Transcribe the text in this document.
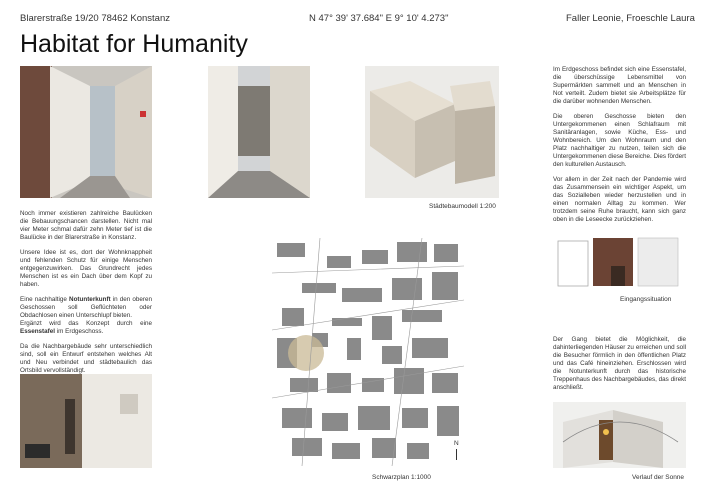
Blarerstraße 19/20 78462 Konstanz	N 47° 39' 37.684" E 9° 10' 4.273"	Faller Leonie, Froeschle Laura
Habitat for Humanity
Städtebaumodell 1:200

Noch immer existieren zahlreiche Baulücken die Bebauungschancen darstellen. Nicht mal vier Meter schmal dafür zehn Meter tief ist die Baulücke in der Blarerstraße in Konstanz.

Unsere Idee ist es, dort der Wohnknappheit und fehlenden Schutz für einige Menschen entgegenzuwirken. Das Grundrecht jedes Menschen ist es ein Dach über dem Kopf zu haben.

Eine nachhaltige Notunterkunft in den oberen Geschossen soll Geflüchteten oder Obdachlosen einen Unterschlupf bieten.

Ergänzt wird das Konzept durch eine Essenstafel im Erdgeschoss.

Da die Nachbargebäude sehr unterschiedlich sind, soll ein Entwurf entstehen welches Alt und Neu verbindet und städtebaulich das Ortsbild vervollständigt.

N
Schwarzplan 1:1000

Im Erdgeschoss befindet sich eine Essenstafel, die überschüssige Lebensmittel von Supermärkten sammelt und an Menschen in Not verteilt. Zudem bietet sie Arbeitsplätze für die darüber wohnenden Menschen.

Die oberen Geschosse bieten den Untergekommenen einen Schlafraum mit Sanitäranlagen, sowie Küche, Ess- und Wohnbereich. Um den Wohnraum und den Platz nachhaltiger zu nutzen, teilen sich die Untergekommenen diese Bereiche. Dies fördert den kulturellen Austausch.

Vor allem in der Zeit nach der Pandemie wird das Zusammensein ein wichtiger Aspekt, um das Sozialleben wieder herzustellen und in einen normalen Alltag zu kommen. Wer trotzdem seine Ruhe braucht, kann sich ganz oben in die Leseecke zurückziehen.

Eingangssituation

Der Gang bietet die Möglichkeit, die dahinterliegenden Häuser zu erreichen und soll die Besucher förmlich in den öffentlichen Platz und das Café hineinziehen. Erschlossen wird die Notunterkunft durch das historische Treppenhaus des Nachbargebäudes, das direkt anschließt.

Verlauf der Sonne
